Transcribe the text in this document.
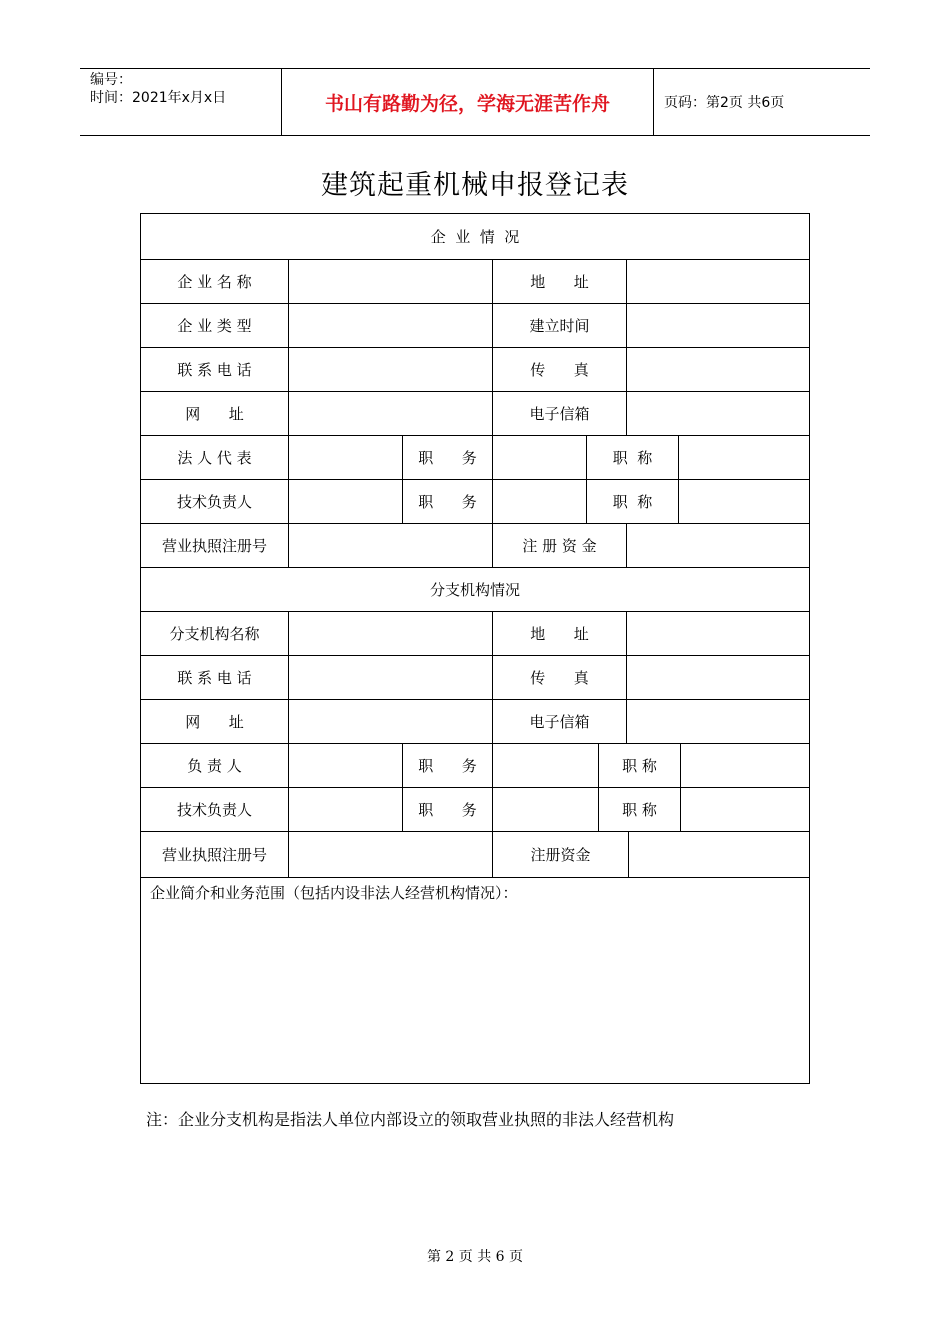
编号：
时间：2021年x月x日	书山有路勤为径，学海无涯苦作舟	页码：第2页 共6页
建筑起重机械申报登记表
企  业  情  况
企 业 名 称	地      址
企 业 类 型	建立时间
联 系 电 话	传      真
网      址	电子信箱
法 人 代 表	职      务	职  称
技术负责人	职      务	职  称
营业执照注册号	注 册 资 金
分支机构情况
分支机构名称	地      址
联 系 电 话	传      真
网      址	电子信箱
负 责 人	职      务	职 称
技术负责人	职      务	职 称
营业执照注册号	注册资金
企业简介和业务范围（包括内设非法人经营机构情况）：
注：企业分支机构是指法人单位内部设立的领取营业执照的非法人经营机构
第 2 页 共 6 页
